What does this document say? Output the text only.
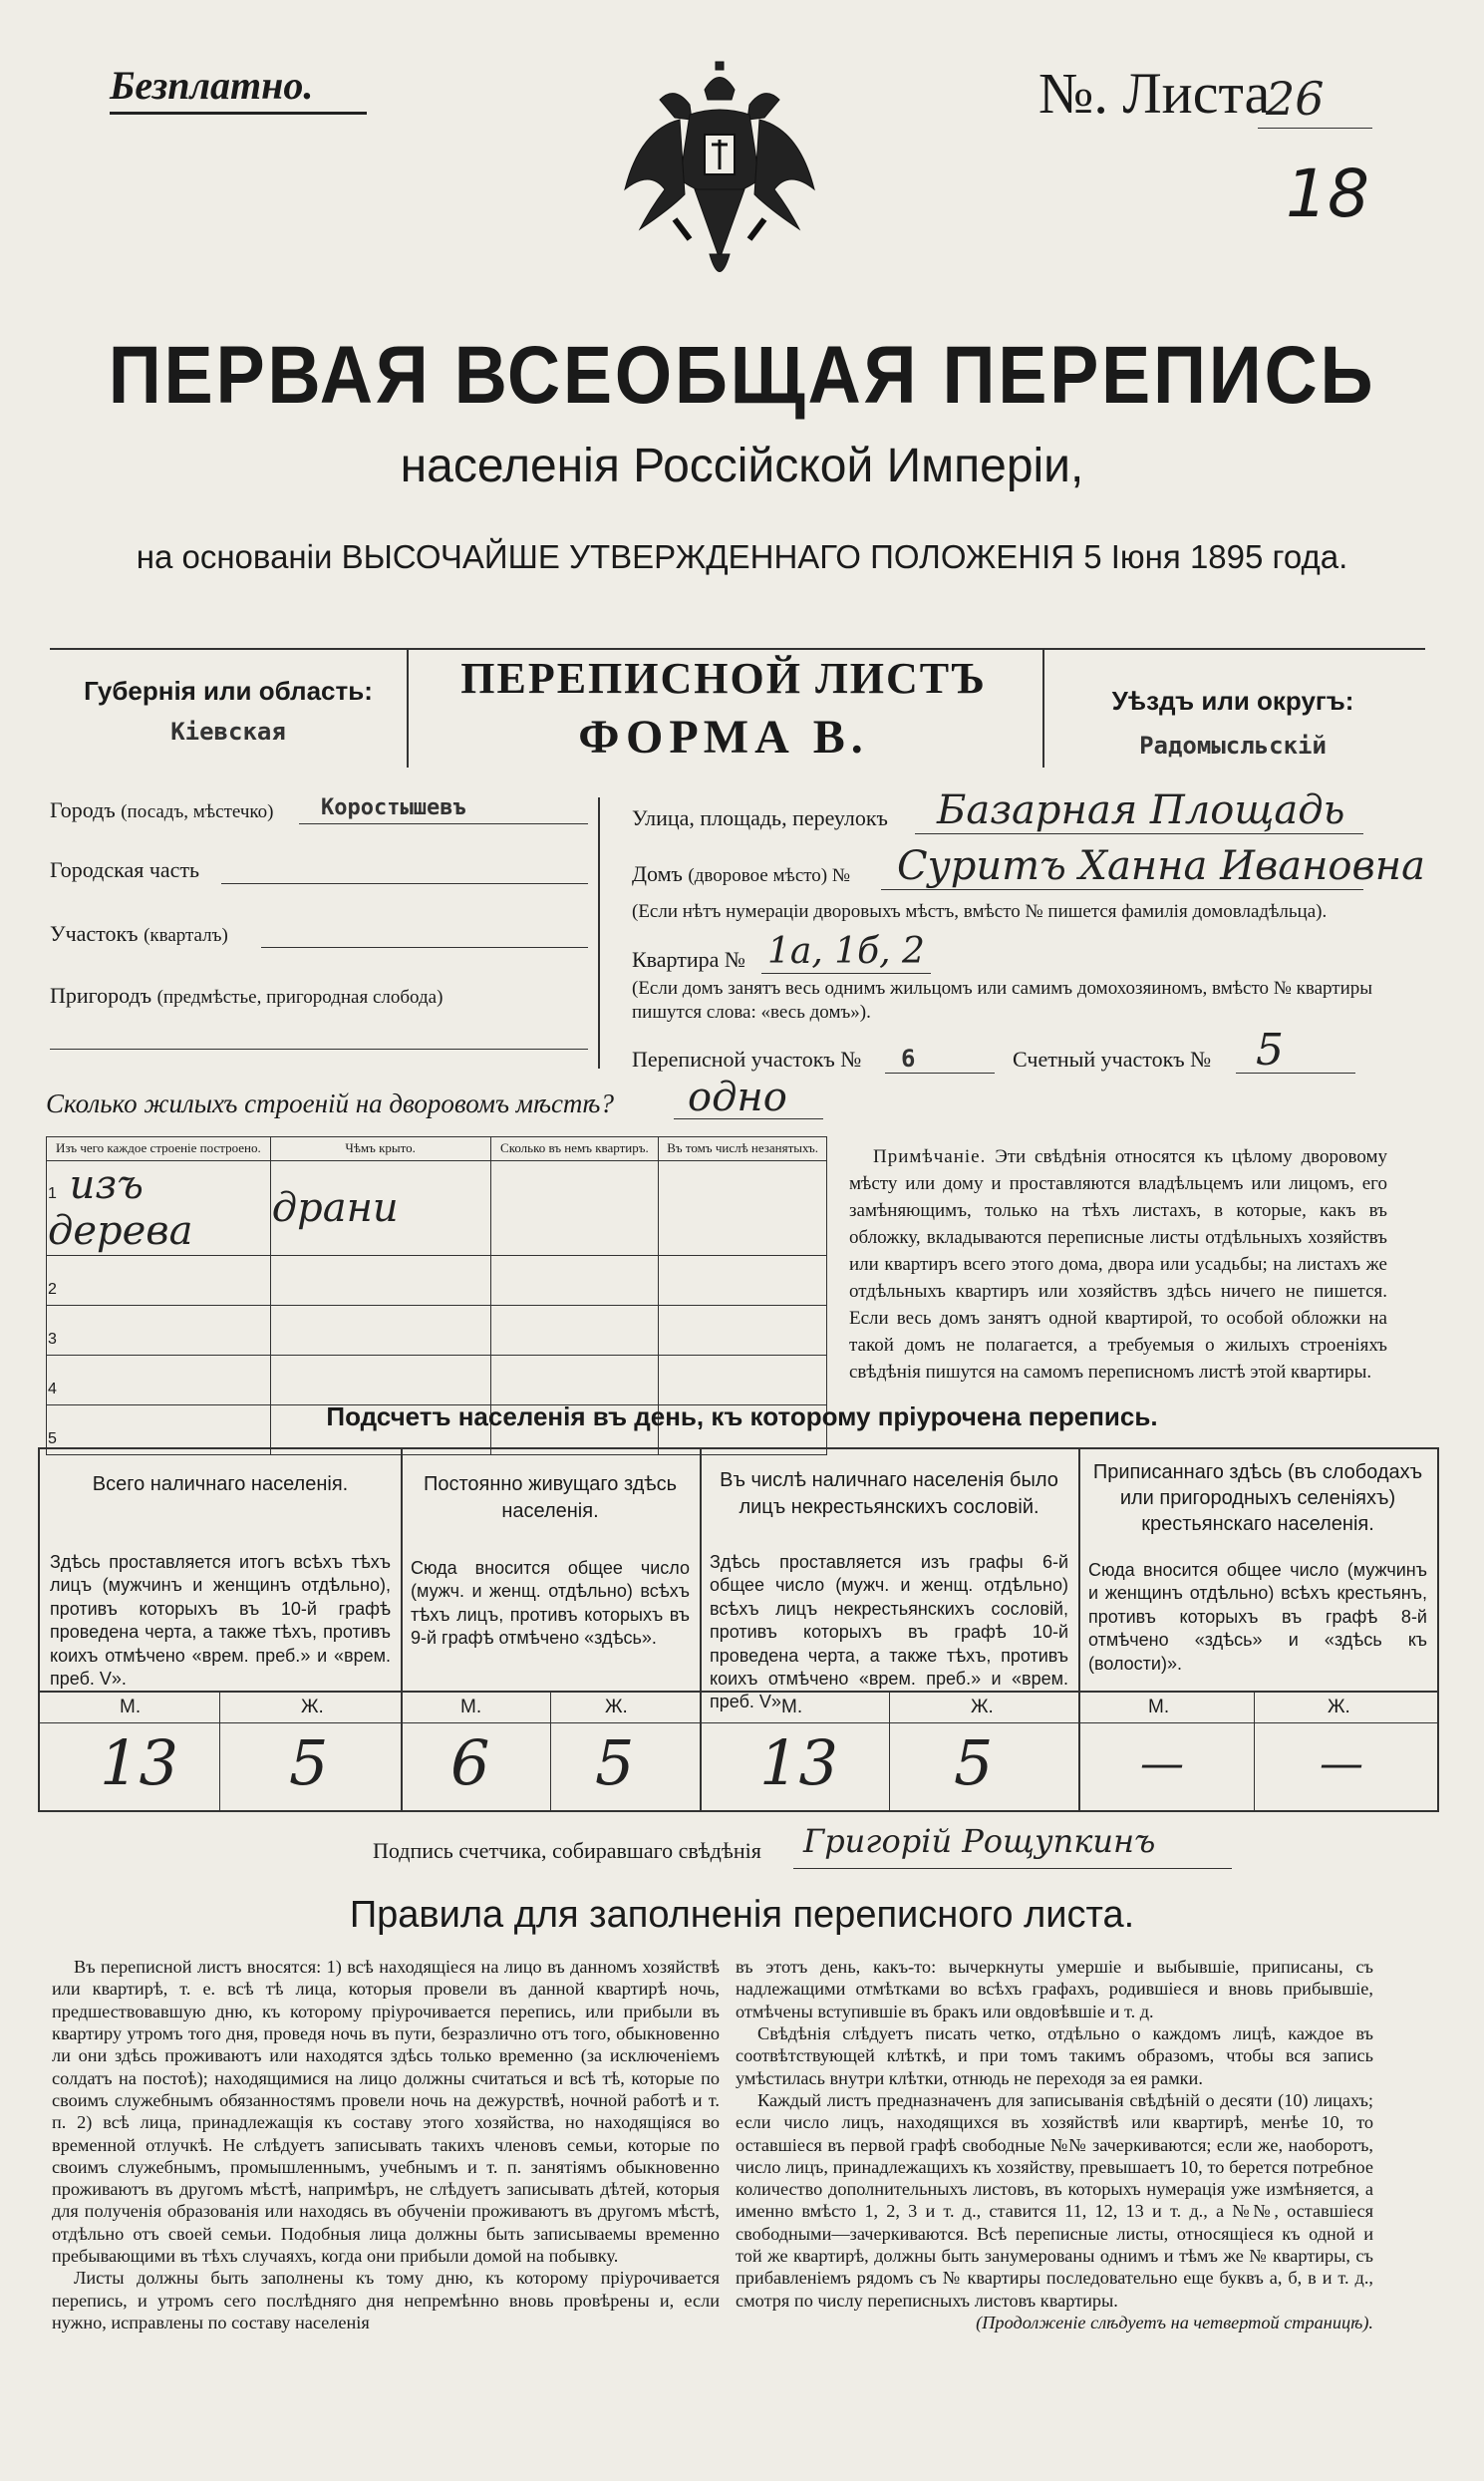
Безплатно.	№. Листа
26
18
ПЕРВАЯ ВСЕОБЩАЯ ПЕРЕПИСЬ
населенія Россійской Имперіи,
на основаніи ВЫСОЧАЙШЕ УТВЕРЖДЕННАГО ПОЛОЖЕНІЯ 5 Іюня 1895 года.
Губернія или область:
Кіевская
ПЕРЕПИСНОЙ ЛИСТЪ
ФОРМА В.
Уѣздъ или округъ:
Радомысльскій
Городъ (посадъ, мѣстечко) Коростышевъ
Городская часть
Участокъ (кварталъ)
Пригородъ (предмѣстье, пригородная слобода)
Улица, площадь, переулокъ Базарная Площадь
Домъ (дворовое мѣсто) № Суритъ Ханна Ивановна
(Если нѣтъ нумераціи дворовыхъ мѣстъ, вмѣсто № пишется фамилія домовладѣльца).
Квартира № 1а, 1б, 2
(Если домъ занятъ весь однимъ жильцомъ или самимъ домохозяиномъ, вмѣсто № квартиры пишутся слова: «весь домъ»).
Переписной участокъ № 6	Счетный участокъ № 5
Сколько жилыхъ строеній на дворовомъ мѣстѣ? одно
Изъ чего каждое строеніе построено.	Чѣмъ крыто.	Сколько въ немъ квартиръ.	Въ томъ числѣ незанятыхъ.
1 изъ дерева	драни		
2			
3			
4			
5			
Примѣчаніе. Эти свѣдѣнія относятся къ цѣлому дворовому мѣсту или дому и проставляются владѣльцемъ или лицомъ, его замѣняющимъ, только на тѣхъ листахъ, в которые, какъ въ обложку, вкладываются переписные листы отдѣльныхъ хозяйствъ или квартиръ всего этого дома, двора или усадьбы; на листахъ же отдѣльныхъ квартиръ или хозяйствъ здѣсь ничего не пишется. Если весь домъ занятъ одной квартирой, то особой обложки на такой домъ не полагается, а требуемыя о жилыхъ строеніяхъ свѣдѣнія пишутся на самомъ переписномъ листѣ этой квартиры.
Подсчетъ населенія въ день, къ которому пріурочена перепись.
Всего наличнаго населенія.
Здѣсь проставляется итогъ всѣхъ тѣхъ лицъ (мужчинъ и женщинъ отдѣльно), противъ которыхъ въ 10-й графѣ проведена черта, а также тѣхъ, противъ коихъ отмѣчено «врем. преб.» и «врем. преб. V».
М.	Ж.
13 5
Постоянно живущаго здѣсь населенія.
Сюда вносится общее число (мужч. и женщ. отдѣльно) всѣхъ тѣхъ лицъ, противъ которыхъ въ 9-й графѣ отмѣчено «здѣсь».
М.	Ж.
6 5
Въ числѣ наличнаго населенія было лицъ некрестьянскихъ сословій.
Здѣсь проставляется изъ графы 6-й общее число (мужч. и женщ. отдѣльно) всѣхъ лицъ некрестьянскихъ сословій, противъ которыхъ въ графѣ 10-й проведена черта, а также тѣхъ, противъ коихъ отмѣчено «врем. преб.» и «врем. преб. V».
М.	Ж.
13 5
Приписаннаго здѣсь (въ слободахъ или пригородныхъ селеніяхъ) крестьянскаго населенія.
Сюда вносится общее число (мужчинъ и женщинъ отдѣльно) всѣхъ крестьянъ, противъ которыхъ въ графѣ 8-й отмѣчено «здѣсь» и «здѣсь къ (волости)».
М.	Ж.
—	—
Подпись счетчика, собиравшаго свѣдѣнія Григорій Рощупкинъ
Правила для заполненія переписного листа.
Въ переписной листъ вносятся: 1) всѣ находящіеся на лицо въ данномъ хозяйствѣ или квартирѣ, т. е. всѣ тѣ лица, которыя провели въ данной квартирѣ ночь, предшествовавшую дню, къ которому пріурочивается перепись, или прибыли въ квартиру утромъ того дня, проведя ночь въ пути, безразлично отъ того, обыкновенно ли они здѣсь проживаютъ или находятся здѣсь только временно (за исключеніемъ солдатъ на постоѣ); находящимися на лицо должны считаться и всѣ тѣ, которые по своимъ служебнымъ обязанностямъ провели ночь на дежурствѣ, ночной работѣ и т. п. 2) всѣ лица, принадлежащія къ составу этого хозяйства, но находящіяся во временной отлучкѣ. Не слѣдуетъ записывать такихъ членовъ семьи, которые по своимъ служебнымъ, промышленнымъ, учебнымъ и т. п. занятіямъ обыкновенно проживаютъ въ другомъ мѣстѣ, напримѣръ, не слѣдуетъ записывать дѣтей, которыя для полученія образованія или находясь въ обученіи проживаютъ въ другомъ мѣстѣ, отдѣльно отъ своей семьи. Подобныя лица должны быть записываемы временно пребывающими въ тѣхъ случаяхъ, когда они прибыли домой на побывку.
Листы должны быть заполнены къ тому дню, къ которому пріурочивается перепись, и утромъ сего послѣдняго дня непремѣнно вновь провѣрены и, если нужно, исправлены по составу населенія
въ этотъ день, какъ-то: вычеркнуты умершіе и выбывшіе, приписаны, съ надлежащими отмѣтками во всѣхъ графахъ, родившіеся и вновь прибывшіе, отмѣчены вступившіе въ бракъ или овдовѣвшіе и т. д.
Свѣдѣнія слѣдуетъ писать четко, отдѣльно о каждомъ лицѣ, каждое въ соотвѣтствующей клѣткѣ, и при томъ такимъ образомъ, чтобы вся запись умѣстилась внутри клѣтки, отнюдь не переходя за ея рамки.
Каждый листъ предназначенъ для записыванія свѣдѣній о десяти (10) лицахъ; если число лицъ, находящихся въ хозяйствѣ или квартирѣ, менѣе 10, то оставшіеся въ первой графѣ свободные №№ зачеркиваются; если же, наоборотъ, число лицъ, принадлежащихъ къ хозяйству, превышаетъ 10, то берется потребное количество дополнительныхъ листовъ, въ которыхъ нумерація уже измѣняется, а именно вмѣсто 1, 2, 3 и т. д., ставится 11, 12, 13 и т. д., а №№, оставшіеся свободными—зачеркиваются. Всѣ переписные листы, относящіеся къ одной и той же квартирѣ, должны быть занумерованы однимъ и тѣмъ же № квартиры, съ прибавленіемъ рядомъ съ № квартиры последовательно еще буквъ а, б, в и т. д., смотря по числу переписныхъ листовъ квартиры.
(Продолженіе слѣдуетъ на четвертой страницѣ).
